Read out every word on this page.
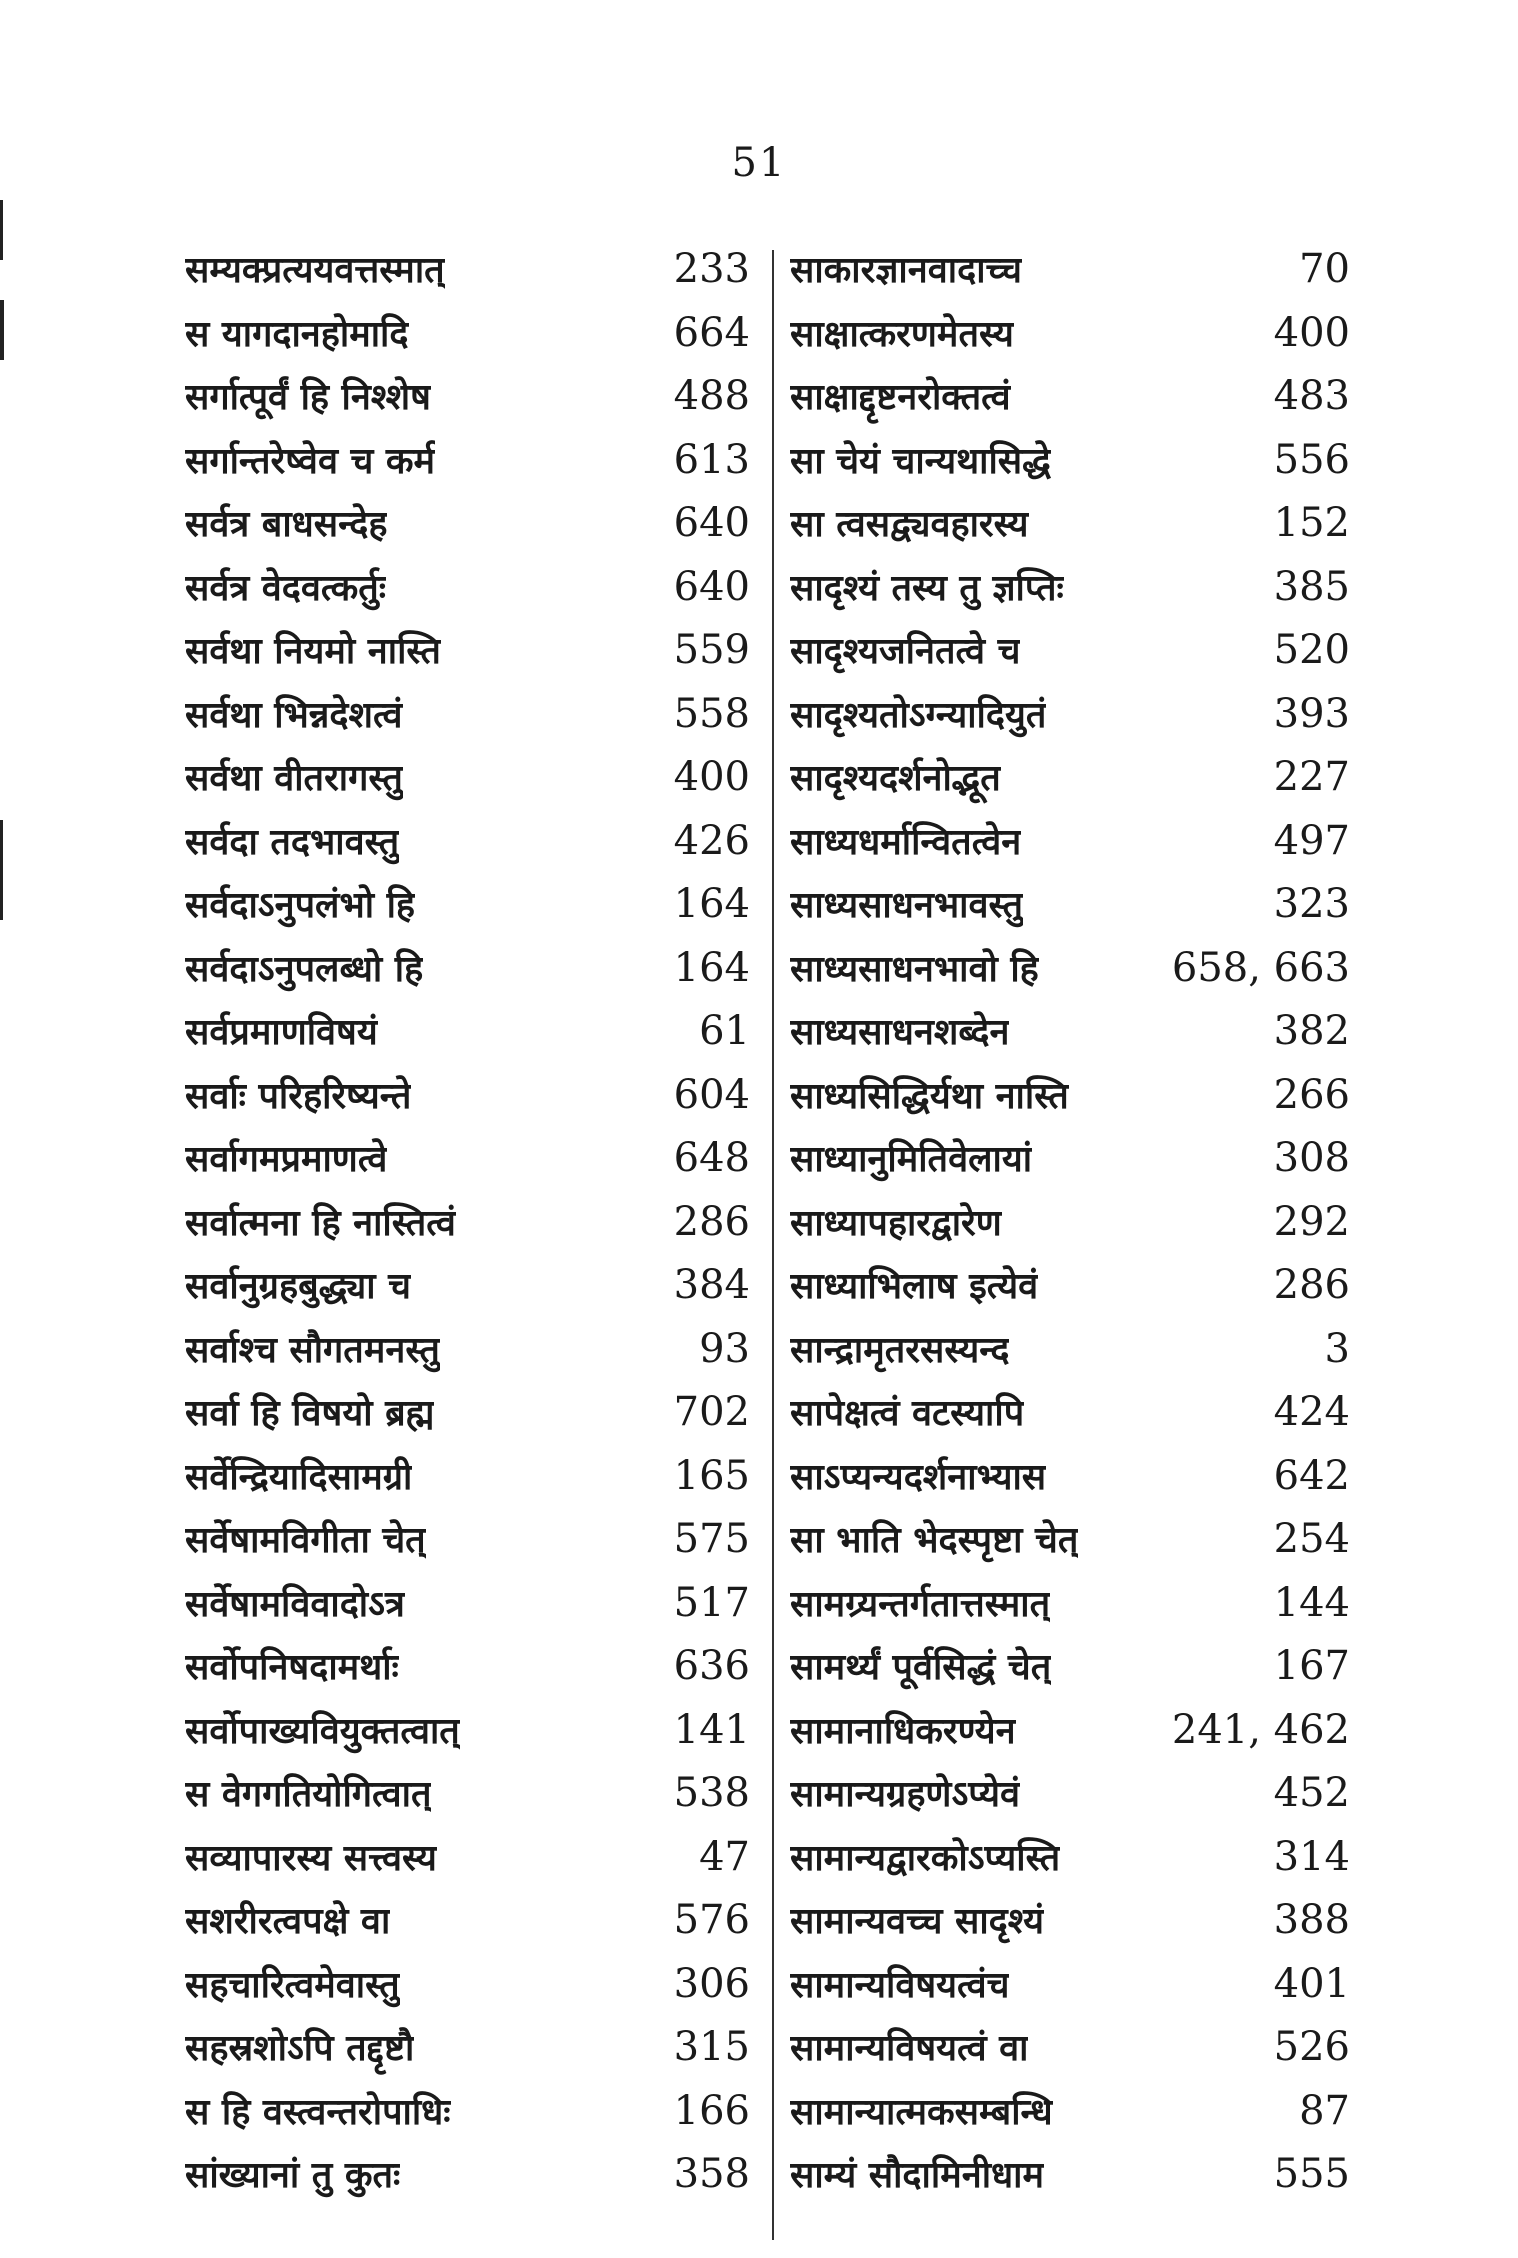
51
सम्यक्प्रत्ययवत्तस्मात्	233
स यागदानहोमादि	664
सर्गात्पूर्वं हि निश्शेष	488
सर्गान्तरेष्वेव च कर्म	613
सर्वत्र बाधसन्देह	640
सर्वत्र वेदवत्कर्तुः	640
सर्वथा नियमो नास्ति	559
सर्वथा भिन्नदेशत्वं	558
सर्वथा वीतरागस्तु	400
सर्वदा तदभावस्तु	426
सर्वदाऽनुपलंभो हि	164
सर्वदाऽनुपलब्धो हि	164
सर्वप्रमाणविषयं	61
सर्वाः परिहरिष्यन्ते	604
सर्वागमप्रमाणत्वे	648
सर्वात्मना हि नास्तित्वं	286
सर्वानुग्रहबुद्ध्या च	384
सर्वाश्च सौगतमनस्तु	93
सर्वा हि विषयो ब्रह्म	702
सर्वेन्द्रियादिसामग्री	165
सर्वेषामविगीता चेत्	575
सर्वेषामविवादोऽत्र	517
सर्वोपनिषदामर्थाः	636
सर्वोपाख्यवियुक्तत्वात्	141
स वेगगतियोगित्वात्	538
सव्यापारस्य सत्त्वस्य	47
सशरीरत्वपक्षे वा	576
सहचारित्वमेवास्तु	306
सहस्रशोऽपि तद्दृष्टौ	315
स हि वस्त्वन्तरोपाधिः	166
सांख्यानां तु कुतः	358
साकारज्ञानवादाच्च	70
साक्षात्करणमेतस्य	400
साक्षाद्दृष्टनरोक्तत्वं	483
सा चेयं चान्यथासिद्धे	556
सा त्वसद्व्यवहारस्य	152
सादृश्यं तस्य तु ज्ञप्तिः	385
सादृश्यजनितत्वे च	520
सादृश्यतोऽग्न्यादियुतं	393
सादृश्यदर्शनोद्भूत	227
साध्यधर्मान्वितत्वेन	497
साध्यसाधनभावस्तु	323
साध्यसाधनभावो हि	658, 663
साध्यसाधनशब्देन	382
साध्यसिद्धिर्यथा नास्ति	266
साध्यानुमितिवेलायां	308
साध्यापहारद्वारेण	292
साध्याभिलाष इत्येवं	286
सान्द्रामृतरसस्यन्द	3
सापेक्षत्वं वटस्यापि	424
साऽप्यन्यदर्शनाभ्यास	642
सा भाति भेदस्पृष्टा चेत्	254
सामग्र्यन्तर्गतात्तस्मात्	144
सामर्थ्यं पूर्वसिद्धं चेत्	167
सामानाधिकरण्येन	241, 462
सामान्यग्रहणेऽप्येवं	452
सामान्यद्वारकोऽप्यस्ति	314
सामान्यवच्च सादृश्यं	388
सामान्यविषयत्वंच	401
सामान्यविषयत्वं वा	526
सामान्यात्मकसम्बन्धि	87
साम्यं सौदामिनीधाम	555
